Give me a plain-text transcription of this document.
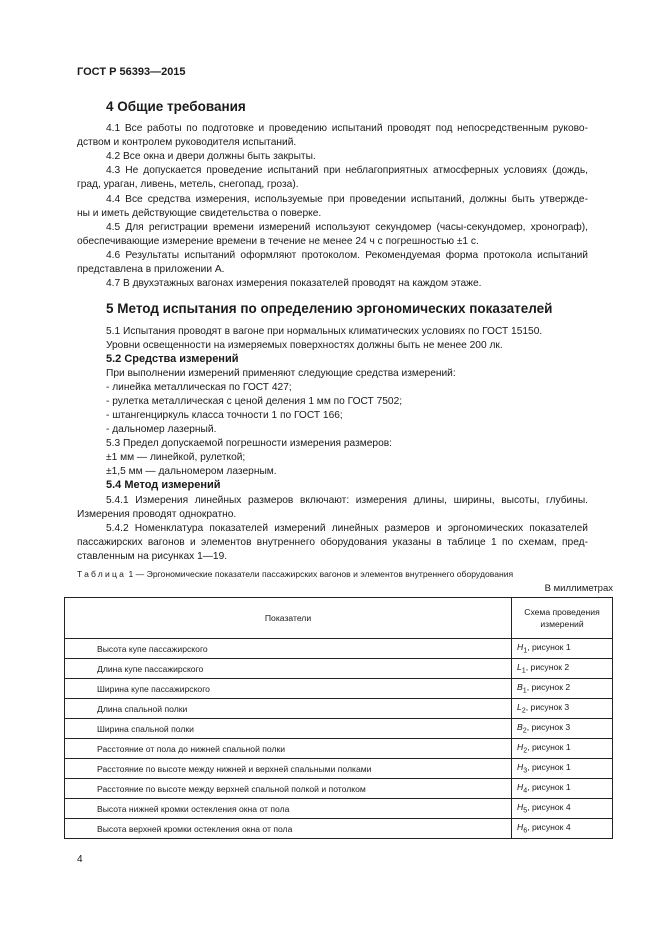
ГОСТ Р 56393—2015
4 Общие требования
4.1 Все работы по подготовке и проведению испытаний проводят под непосредственным руково-
дством и контролем руководителя испытаний.
4.2 Все окна и двери должны быть закрыты.
4.3 Не допускается проведение испытаний при неблагоприятных атмосферных условиях (дождь,
град, ураган, ливень, метель, снегопад, гроза).
4.4 Все средства измерения, используемые при проведении испытаний, должны быть утвержде-
ны и иметь действующие свидетельства о поверке.
4.5 Для регистрации времени измерений используют секундомер (часы-секундомер, хронограф),
обеспечивающие измерение времени в течение не менее 24 ч с погрешностью ±1 с.
4.6 Результаты испытаний оформляют протоколом. Рекомендуемая форма протокола испытаний
представлена в приложении А.
4.7 В двухэтажных вагонах измерения показателей проводят на каждом этаже.
5 Метод испытания по определению эргономических показателей
5.1 Испытания проводят в вагоне при нормальных климатических условиях по ГОСТ 15150.
Уровни освещенности на измеряемых поверхностях должны быть не менее 200 лк.
5.2 Средства измерений
При выполнении измерений применяют следующие средства измерений:
- линейка металлическая по ГОСТ 427;
- рулетка металлическая с ценой деления 1 мм по ГОСТ 7502;
- штангенциркуль класса точности 1 по ГОСТ 166;
- дальномер лазерный.
5.3 Предел допускаемой погрешности измерения размеров:
±1 мм — линейкой, рулеткой;
±1,5 мм — дальномером лазерным.
5.4 Метод измерений
5.4.1 Измерения линейных размеров включают: измерения длины, ширины, высоты, глубины.
Измерения проводят однократно.
5.4.2 Номенклатура показателей измерений линейных размеров и эргономических показателей
пассажирских вагонов и элементов внутреннего оборудования указаны в таблице 1 по схемам, пред-
ставленным на рисунках 1—19.
Таблица 1 — Эргономические показатели пассажирских вагонов и элементов внутреннего оборудования
В миллиметрах
Показатели	Схема проведения
измерений
Высота купе пассажирского	$H_1$, рисунок 1
Длина купе пассажирского	$L_1$, рисунок 2
Ширина купе пассажирского	$B_1$, рисунок 2
Длина спальной полки	$L_2$, рисунок 3
Ширина спальной полки	$B_2$, рисунок 3
Расстояние от пола до нижней спальной полки	$H_2$, рисунок 1
Расстояние по высоте между нижней и верхней спальными полками	$H_3$, рисунок 1
Расстояние по высоте между верхней спальной полкой и потолком	$H_4$, рисунок 1
Высота нижней кромки остекления окна от пола	$H_5$, рисунок 4
Высота верхней кромки остекления окна от пола	$H_6$, рисунок 4
4
